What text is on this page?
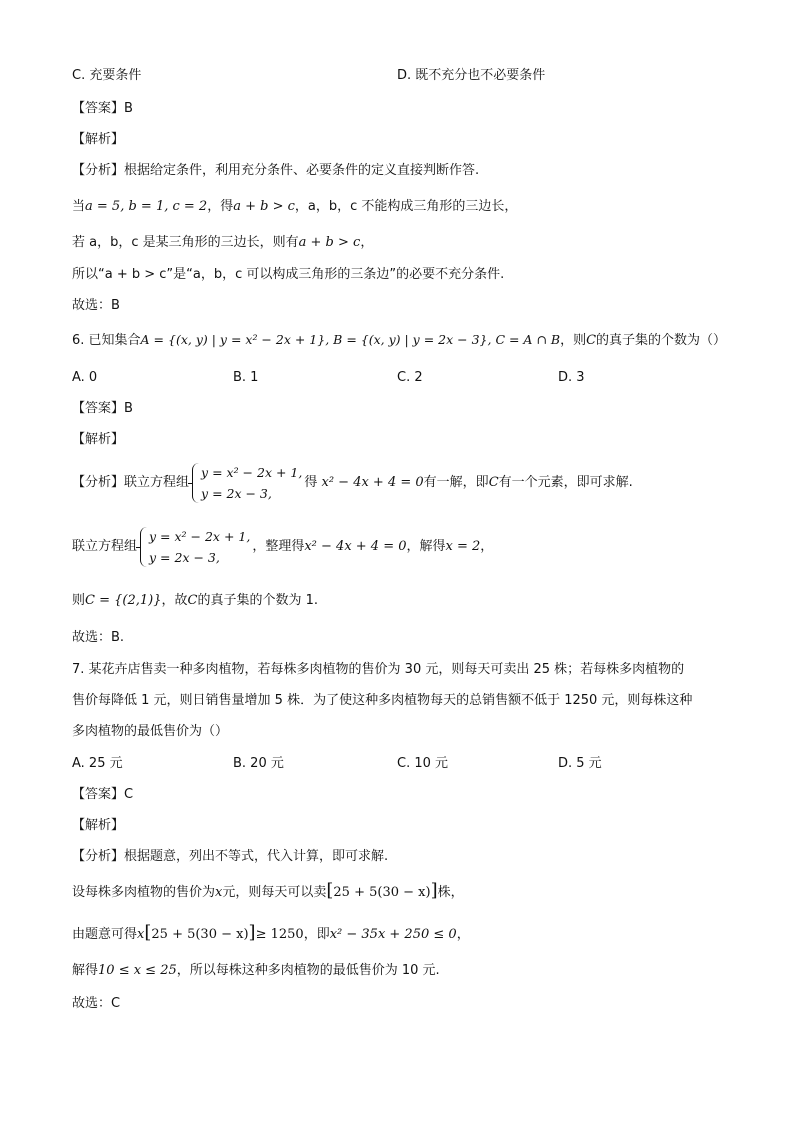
C. 充要条件	D. 既不充分也不必要条件
【答案】B
【解析】
【分析】根据给定条件，利用充分条件、必要条件的定义直接判断作答.
当a = 5, b = 1, c = 2，得a + b > c，a，b，c 不能构成三角形的三边长，
若 a，b，c 是某三角形的三边长，则有a + b > c，
所以“a + b > c”是“a，b，c 可以构成三角形的三条边”的必要不充分条件.
故选：B
6. 已知集合A = {(x, y) | y = x² − 2x + 1}, B = {(x, y) | y = 2x − 3}, C = A ∩ B，则C的真子集的个数为（）
A. 0	B. 1	C. 2	D. 3
【答案】B
【解析】
【分析】联立方程组
y = x² − 2x + 1,
y = 2x − 3,
得 x² − 4x + 4 = 0有一解，即C有一个元素，即可求解.
联立方程组
y = x² − 2x + 1,
y = 2x − 3,
，整理得x² − 4x + 4 = 0，解得x = 2，
则C = {(2,1)}，故C的真子集的个数为 1.
故选：B.
7. 某花卉店售卖一种多肉植物，若每株多肉植物的售价为 30 元，则每天可卖出 25 株；若每株多肉植物的
售价每降低 1 元，则日销售量增加 5 株．为了使这种多肉植物每天的总销售额不低于 1250 元，则每株这种
多肉植物的最低售价为（）
A. 25 元	B. 20 元	C. 10 元	D. 5 元
【答案】C
【解析】
【分析】根据题意，列出不等式，代入计算，即可求解.
设每株多肉植物的售价为x元，则每天可以卖[25 + 5(30 − x)]株，
由题意可得x[25 + 5(30 − x)]≥ 1250，即x² − 35x + 250 ≤ 0，
解得10 ≤ x ≤ 25，所以每株这种多肉植物的最低售价为 10 元.
故选：C
